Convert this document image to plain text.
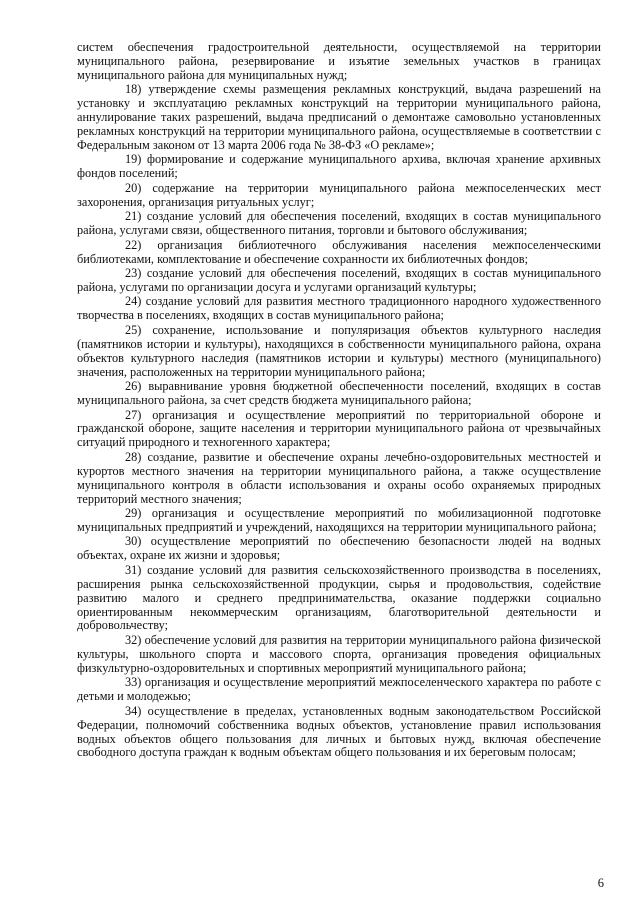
систем обеспечения градостроительной деятельности, осуществляемой на территории муниципального района, резервирование и изъятие земельных участков в границах муниципального района для муниципальных нужд;

18) утверждение схемы размещения рекламных конструкций, выдача разрешений на установку и эксплуатацию рекламных конструкций на территории муниципального района, аннулирование таких разрешений, выдача предписаний о демонтаже самовольно установленных рекламных конструкций на территории муниципального района, осуществляемые в соответствии с Федеральным законом от 13 марта 2006 года № 38-ФЗ «О рекламе»;

19) формирование и содержание муниципального архива, включая хранение архивных фондов поселений;

20) содержание на территории муниципального района межпоселенческих мест захоронения, организация ритуальных услуг;

21) создание условий для обеспечения поселений, входящих в состав муниципального района, услугами связи, общественного питания, торговли и бытового обслуживания;

22) организация библиотечного обслуживания населения межпоселенческими библиотеками, комплектование и обеспечение сохранности их библиотечных фондов;

23) создание условий для обеспечения поселений, входящих в состав муниципального района, услугами по организации досуга и услугами организаций культуры;

24) создание условий для развития местного традиционного народного художественного творчества в поселениях, входящих в состав муниципального района;

25) сохранение, использование и популяризация объектов культурного наследия (памятников истории и культуры), находящихся в собственности муниципального района, охрана объектов культурного наследия (памятников истории и культуры) местного (муниципального) значения, расположенных на территории муниципального района;

26) выравнивание уровня бюджетной обеспеченности поселений, входящих в состав муниципального района, за счет средств бюджета муниципального района;

27) организация и осуществление мероприятий по территориальной обороне и гражданской обороне, защите населения и территории муниципального района от чрезвычайных ситуаций природного и техногенного характера;

28) создание, развитие и обеспечение охраны лечебно-оздоровительных местностей и курортов местного значения на территории муниципального района, а также осуществление муниципального контроля в области использования и охраны особо охраняемых природных территорий местного значения;

29) организация и осуществление мероприятий по мобилизационной подготовке муниципальных предприятий и учреждений, находящихся на территории муниципального района;

30) осуществление мероприятий по обеспечению безопасности людей на водных объектах, охране их жизни и здоровья;

31) создание условий для развития сельскохозяйственного производства в поселениях, расширения рынка сельскохозяйственной продукции, сырья и продовольствия, содействие развитию малого и среднего предпринимательства, оказание поддержки социально ориентированным некоммерческим организациям, благотворительной деятельности и добровольчеству;

32) обеспечение условий для развития на территории муниципального района физической культуры, школьного спорта и массового спорта, организация проведения официальных физкультурно-оздоровительных и спортивных мероприятий муниципального района;

33) организация и осуществление мероприятий межпоселенческого характера по работе с детьми и молодежью;

34) осуществление в пределах, установленных водным законодательством Российской Федерации, полномочий собственника водных объектов, установление правил использования водных объектов общего пользования для личных и бытовых нужд, включая обеспечение свободного доступа граждан к водным объектам общего пользования и их береговым полосам;

6
